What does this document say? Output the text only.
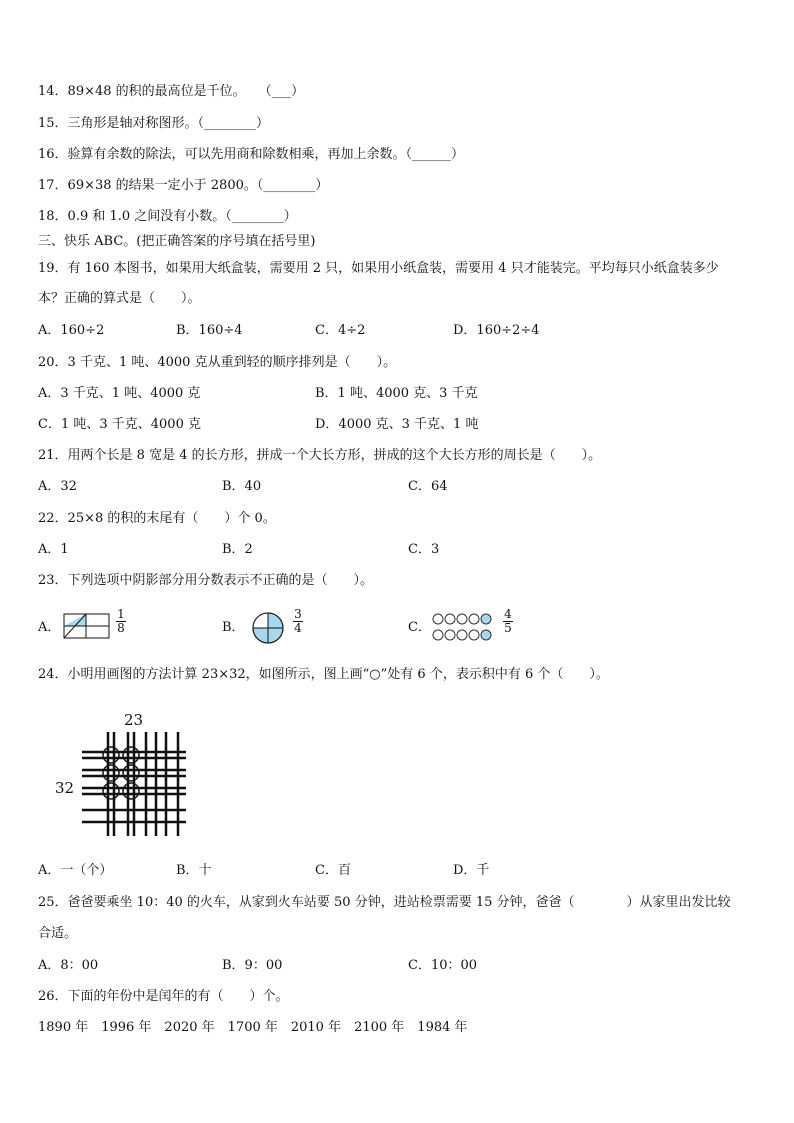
14．89×48 的积的最高位是千位。　　（___）
15．三角形是轴对称图形。（________）
16．验算有余数的除法，可以先用商和除数相乘，再加上余数。（______）
17．69×38 的结果一定小于 2800。（________）
18．0.9 和 1.0 之间没有小数。（________）
三、快乐 ABC。(把正确答案的序号填在括号里)
19．有 160 本图书，如果用大纸盒装，需要用 2 只，如果用小纸盒装，需要用 4 只才能装完。平均每只小纸盒装多少
本？正确的算式是（　　）。
A．160÷2	B．160÷4	C．4÷2	D．160÷2÷4
20．3 千克、1 吨、4000 克从重到轻的顺序排列是（　　）。
A．3 千克、1 吨、4000 克	B．1 吨、4000 克、3 千克
C．1 吨、3 千克、4000 克	D．4000 克、3 千克、1 吨
21．用两个长是 8 宽是 4 的长方形，拼成一个大长方形，拼成的这个大长方形的周长是（　　）。
A．32	B．40	C．64
22．25×8 的积的末尾有（　　）个 0。
A．1	B．2	C．3
23．下列选项中阴影部分用分数表示不正确的是（　　）。
A．
1
8	B．
3
4	C．
4
5
24．小明用画图的方法计算 23×32，如图所示，图上画“○”处有 6 个，表示积中有 6 个（　　）。
23
32
A．一（个）	B．十	C．百	D．千
25．爸爸要乘坐 10：40 的火车，从家到火车站要 50 分钟，进站检票需要 15 分钟，爸爸（　　　　）从家里出发比较
合适。
A．8：00	B．9：00	C．10：00
26．下面的年份中是闰年的有（　　）个。
1890 年　1996 年　2020 年　1700 年　2010 年　2100 年　1984 年
